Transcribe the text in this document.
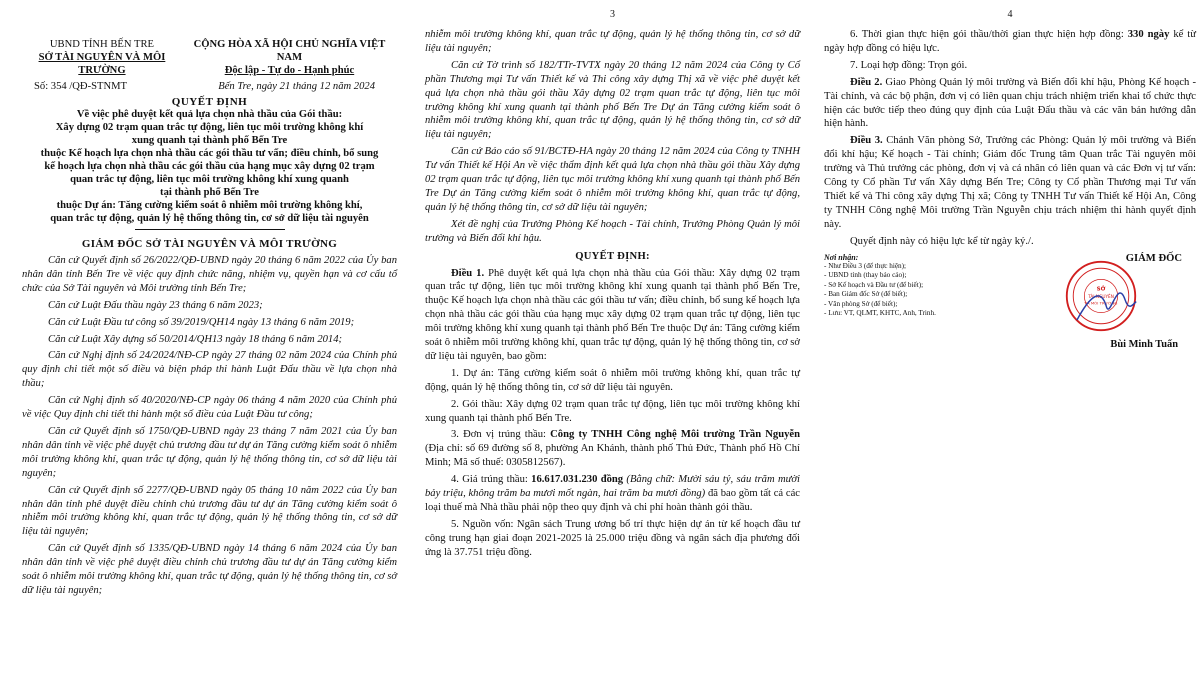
UBND TỈNH BẾN TRE

SỞ TÀI NGUYÊN VÀ MÔI TRƯỜNG

CỘNG HÒA XÃ HỘI CHỦ NGHĨA VIỆT NAM

Độc lập - Tự do - Hạnh phúc

Số: 354 /QĐ-STNMT	Bến Tre, ngày 21 tháng 12 năm 2024

QUYẾT ĐỊNH

Về việc phê duyệt kết quả lựa chọn nhà thầu của Gói thầu:

Xây dựng 02 trạm quan trắc tự động, liên tục môi trường không khí

xung quanh tại thành phố Bến Tre

thuộc Kế hoạch lựa chọn nhà thầu các gói thầu tư vấn; điều chỉnh, bổ sung

kế hoạch lựa chọn nhà thầu các gói thầu của hạng mục xây dựng 02 trạm

quan trắc tự động, liên tục môi trường không khí xung quanh

tại thành phố Bến Tre

thuộc Dự án: Tăng cường kiểm soát ô nhiễm môi trường không khí,

quan trắc tự động, quản lý hệ thống thông tin, cơ sở dữ liệu tài nguyên

GIÁM ĐỐC SỞ TÀI NGUYÊN VÀ MÔI TRƯỜNG

Căn cứ Quyết định số 26/2022/QĐ-UBND ngày 20 tháng 6 năm 2022 của Ủy ban nhân dân tỉnh Bến Tre về việc quy định chức năng, nhiệm vụ, quyền hạn và cơ cấu tổ chức của Sở Tài nguyên và Môi trường tỉnh Bến Tre;

Căn cứ Luật Đấu thầu ngày 23 tháng 6 năm 2023;

Căn cứ Luật Đầu tư công số 39/2019/QH14 ngày 13 tháng 6 năm 2019;

Căn cứ Luật Xây dựng số 50/2014/QH13 ngày 18 tháng 6 năm 2014;

Căn cứ Nghị định số 24/2024/NĐ-CP ngày 27 tháng 02 năm 2024 của Chính phủ quy định chi tiết một số điều và biện pháp thi hành Luật Đấu thầu về lựa chọn nhà thầu;

Căn cứ Nghị định số 40/2020/NĐ-CP ngày 06 tháng 4 năm 2020 của Chính phủ về việc Quy định chi tiết thi hành một số điều của Luật Đầu tư công;

Căn cứ Quyết định số 1750/QĐ-UBND ngày 23 tháng 7 năm 2021 của Ủy ban nhân dân tỉnh về việc phê duyệt chủ trương đầu tư dự án Tăng cường kiểm soát ô nhiễm môi trường không khí, quan trắc tự động, quản lý hệ thống thông tin, cơ sở dữ liệu tài nguyên;

Căn cứ Quyết định số 2277/QĐ-UBND ngày 05 tháng 10 năm 2022 của Ủy ban nhân dân tỉnh phê duyệt điều chỉnh chủ trương đầu tư dự án Tăng cường kiểm soát ô nhiễm môi trường không khí, quan trắc tự động, quản lý hệ thống thông tin, cơ sở dữ liệu tài nguyên;

Căn cứ Quyết định số 1335/QĐ-UBND ngày 14 tháng 6 năm 2024 của Ủy ban nhân dân tỉnh về việc phê duyệt điều chỉnh chủ trương đầu tư dự án Tăng cường kiểm soát ô nhiễm môi trường không khí, quan trắc tự động, quản lý hệ thống thông tin, cơ sở dữ liệu tài nguyên;

3

nhiễm môi trường không khí, quan trắc tự động, quản lý hệ thống thông tin, cơ sở dữ liệu tài nguyên;

Căn cứ Tờ trình số 182/TTr-TVTX ngày 20 tháng 12 năm 2024 của Công ty Cổ phần Thương mại Tư vấn Thiết kế và Thi công xây dựng Thị xã về việc phê duyệt kết quả lựa chọn nhà thầu gói thầu Xây dựng 02 trạm quan trắc tự động, liên tục môi trường không khí xung quanh tại thành phố Bến Tre Dự án Tăng cường kiểm soát ô nhiễm môi trường không khí, quan trắc tự động, quản lý hệ thống thông tin, cơ sở dữ liệu tài nguyên;

Căn cứ Báo cáo số 91/BCTĐ-HA ngày 20 tháng 12 năm 2024 của Công ty TNHH Tư vấn Thiết kế Hội An về việc thẩm định kết quả lựa chọn nhà thầu gói thầu Xây dựng 02 trạm quan trắc tự động, liên tục môi trường không khí xung quanh tại thành phố Bến Tre Dự án Tăng cường kiểm soát ô nhiễm môi trường không khí, quan trắc tự động, quản lý hệ thống thông tin, cơ sở dữ liệu tài nguyên;

Xét đề nghị của Trưởng Phòng Kế hoạch - Tài chính, Trưởng Phòng Quản lý môi trường và Biến đổi khí hậu.

QUYẾT ĐỊNH:

Điều 1. Phê duyệt kết quả lựa chọn nhà thầu của Gói thầu: Xây dựng 02 trạm quan trắc tự động, liên tục môi trường không khí xung quanh tại thành phố Bến Tre, thuộc Kế hoạch lựa chọn nhà thầu các gói thầu tư vấn; điều chỉnh, bổ sung kế hoạch lựa chọn nhà thầu các gói thầu của hạng mục xây dựng 02 trạm quan trắc tự động, liên tục môi trường không khí xung quanh tại thành phố Bến Tre thuộc Dự án: Tăng cường kiểm soát ô nhiễm môi trường không khí, quan trắc tự động, quản lý hệ thống thông tin, cơ sở dữ liệu tài nguyên, bao gồm:

1. Dự án: Tăng cường kiểm soát ô nhiễm môi trường không khí, quan trắc tự động, quản lý hệ thống thông tin, cơ sở dữ liệu tài nguyên.

2. Gói thầu: Xây dựng 02 trạm quan trắc tự động, liên tục môi trường không khí xung quanh tại thành phố Bến Tre.

3. Đơn vị trúng thầu: Công ty TNHH Công nghệ Môi trường Trần Nguyễn (Địa chỉ: số 69 đường số 8, phường An Khánh, thành phố Thủ Đức, Thành phố Hồ Chí Minh; Mã số thuế: 0305812567).

4. Giá trúng thầu: 16.617.031.230 đồng (Bằng chữ: Mười sáu tỷ, sáu trăm mười bảy triệu, không trăm ba mươi mốt ngàn, hai trăm ba mươi đồng) đã bao gồm tất cả các loại thuế mà Nhà thầu phải nộp theo quy định và chi phí hoàn thành gói thầu.

5. Nguồn vốn: Ngân sách Trung ương bổ trí thực hiện dự án từ kế hoạch đầu tư công trung hạn giai đoạn 2021-2025 là 25.000 triệu đồng và ngân sách địa phương đối ứng là 37.751 triệu đồng.

4

6. Thời gian thực hiện gói thầu/thời gian thực hiện hợp đồng: 330 ngày kể từ ngày hợp đồng có hiệu lực.

7. Loại hợp đồng: Trọn gói.

Điều 2. Giao Phòng Quản lý môi trường và Biến đổi khí hậu, Phòng Kế hoạch - Tài chính, và các bộ phận, đơn vị có liên quan chịu trách nhiệm triển khai tổ chức thực hiện các bước tiếp theo đúng quy định của Luật Đấu thầu và các văn bản hướng dẫn hiện hành.

Điều 3. Chánh Văn phòng Sở, Trưởng các Phòng: Quản lý môi trường và Biến đổi khí hậu; Kế hoạch - Tài chính; Giám đốc Trung tâm Quan trắc Tài nguyên môi trường và Thủ trưởng các phòng, đơn vị và cá nhân có liên quan và các Đơn vị tư vấn: Công ty Cổ phần Tư vấn Xây dựng Bến Tre; Công ty Cổ phần Thương mại Tư vấn Thiết kế và Thi công xây dựng Thị xã; Công ty TNHH Tư vấn Thiết kế Hội An, Công ty TNHH Công nghệ Môi trường Trần Nguyễn chịu trách nhiệm thi hành quyết định này.

Quyết định này có hiệu lực kể từ ngày ký./.

Nơi nhận:

- Như Điều 3 (để thực hiện);

- UBND tỉnh (thay báo cáo);

- Sở Kế hoạch và Đầu tư (để biết);

- Ban Giám đốc Sở (để biết);

- Văn phòng Sở (để biết);

- Lưu: VT, QLMT, KHTC, Anh, Trinh.

SỞ
TÀI NGUYÊN
VÀ MÔI TRƯỜNG
GIÁM ĐỐC
Bùi Minh Tuấn
